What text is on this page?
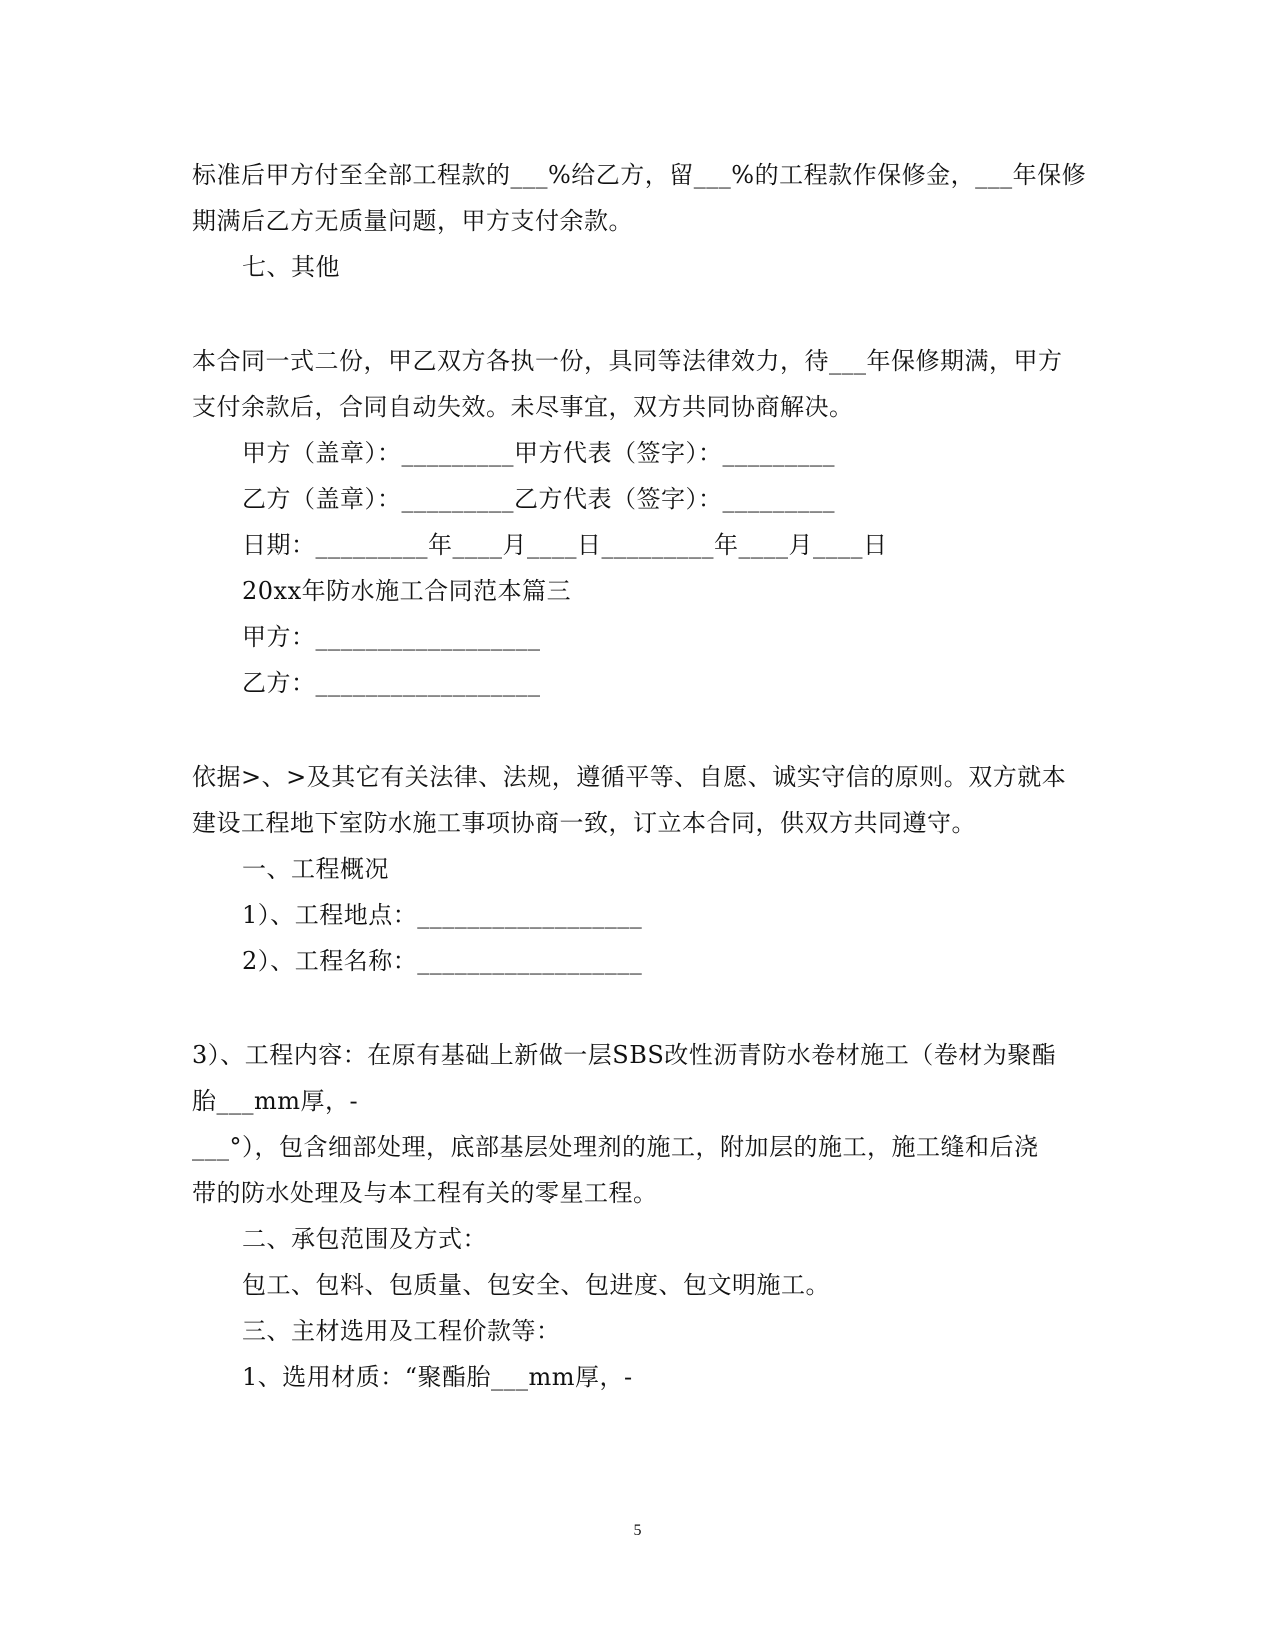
标准后甲方付至全部工程款的___%给乙方，留___%的工程款作保修金，___年保修
期满后乙方无质量问题，甲方支付余款。
七、其他
本合同一式二份，甲乙双方各执一份，具同等法律效力，待___年保修期满，甲方
支付余款后，合同自动失效。未尽事宜，双方共同协商解决。
甲方（盖章）：_________甲方代表（签字）：_________
乙方（盖章）：_________乙方代表（签字）：_________
日期：_________年____月____日_________年____月____日
20xx年防水施工合同范本篇三
甲方：__________________
乙方：__________________
依据>、>及其它有关法律、法规，遵循平等、自愿、诚实守信的原则。双方就本
建设工程地下室防水施工事项协商一致，订立本合同，供双方共同遵守。
一、工程概况
1）、工程地点：__________________
2）、工程名称：__________________
3）、工程内容：在原有基础上新做一层SBS改性沥青防水卷材施工（卷材为聚酯
胎___mm厚，-
___°），包含细部处理，底部基层处理剂的施工，附加层的施工，施工缝和后浇
带的防水处理及与本工程有关的零星工程。
二、承包范围及方式：
包工、包料、包质量、包安全、包进度、包文明施工。
三、主材选用及工程价款等：
1、选用材质：“聚酯胎___mm厚，-
5
